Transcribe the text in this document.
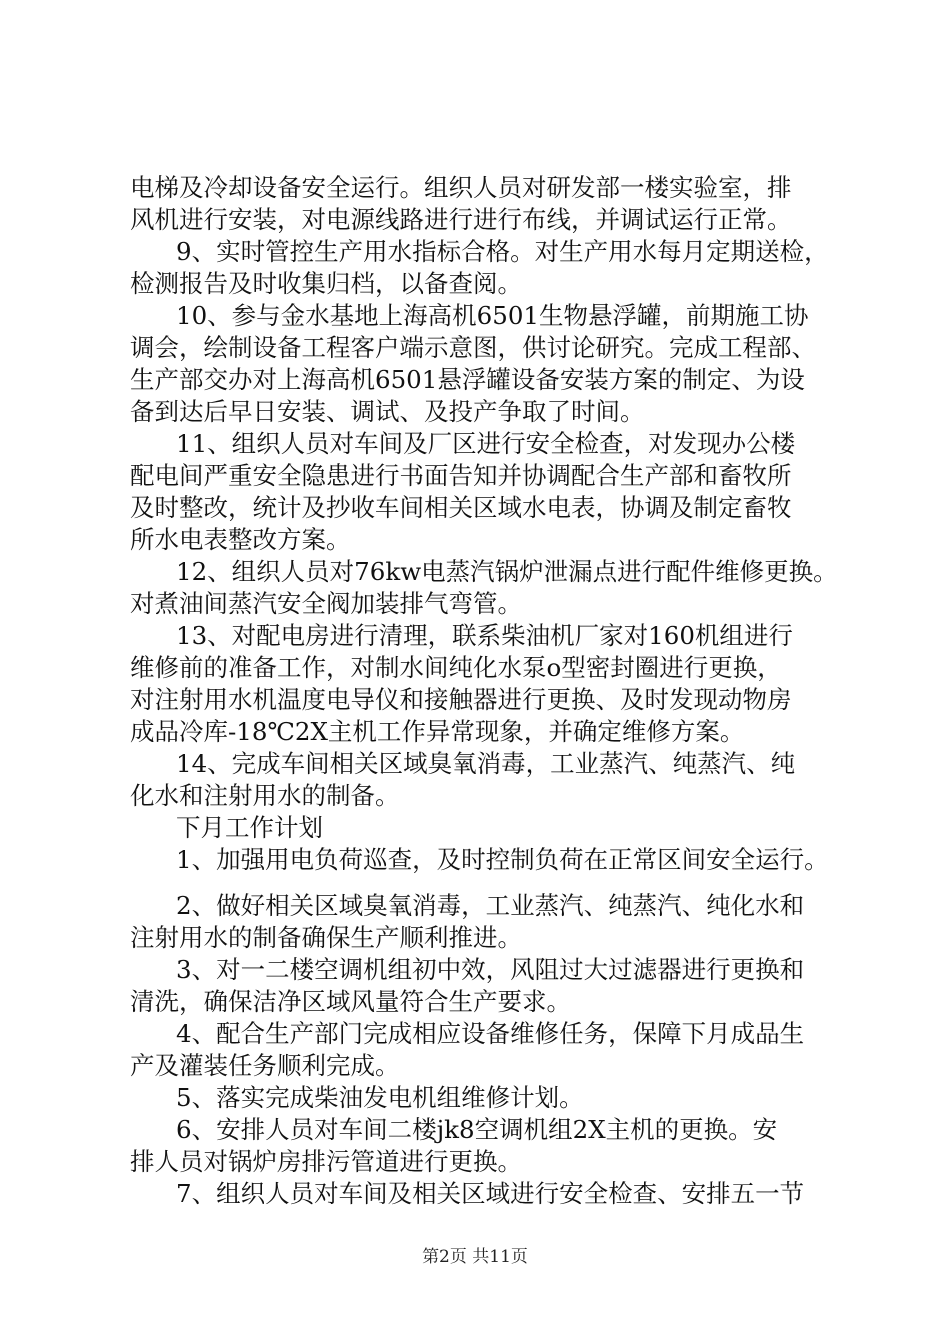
电梯及冷却设备安全运行。组织人员对研发部一楼实验室，排

风机进行安装，对电源线路进行进行布线，并调试运行正常。

9、实时管控生产用水指标合格。对生产用水每月定期送检，

检测报告及时收集归档，以备查阅。

10、参与金水基地上海高机6501生物悬浮罐，前期施工协

调会，绘制设备工程客户端示意图，供讨论研究。完成工程部、

生产部交办对上海高机6501悬浮罐设备安装方案的制定、为设

备到达后早日安装、调试、及投产争取了时间。

11、组织人员对车间及厂区进行安全检查，对发现办公楼

配电间严重安全隐患进行书面告知并协调配合生产部和畜牧所

及时整改，统计及抄收车间相关区域水电表，协调及制定畜牧

所水电表整改方案。

12、组织人员对76kw电蒸汽锅炉泄漏点进行配件维修更换。

对煮油间蒸汽安全阀加装排气弯管。

13、对配电房进行清理，联系柴油机厂家对160机组进行

维修前的准备工作，对制水间纯化水泵o型密封圈进行更换，

对注射用水机温度电导仪和接触器进行更换、及时发现动物房

成品冷库-18℃2X主机工作异常现象，并确定维修方案。

14、完成车间相关区域臭氧消毒，工业蒸汽、纯蒸汽、纯

化水和注射用水的制备。

下月工作计划

1、加强用电负荷巡查，及时控制负荷在正常区间安全运行。

2、做好相关区域臭氧消毒，工业蒸汽、纯蒸汽、纯化水和

注射用水的制备确保生产顺利推进。

3、对一二楼空调机组初中效，风阻过大过滤器进行更换和

清洗，确保洁净区域风量符合生产要求。

4、配合生产部门完成相应设备维修任务，保障下月成品生

产及灌装任务顺利完成。

5、落实完成柴油发电机组维修计划。

6、安排人员对车间二楼jk8空调机组2X主机的更换。安

排人员对锅炉房排污管道进行更换。

7、组织人员对车间及相关区域进行安全检查、安排五一节

第2页 共11页
